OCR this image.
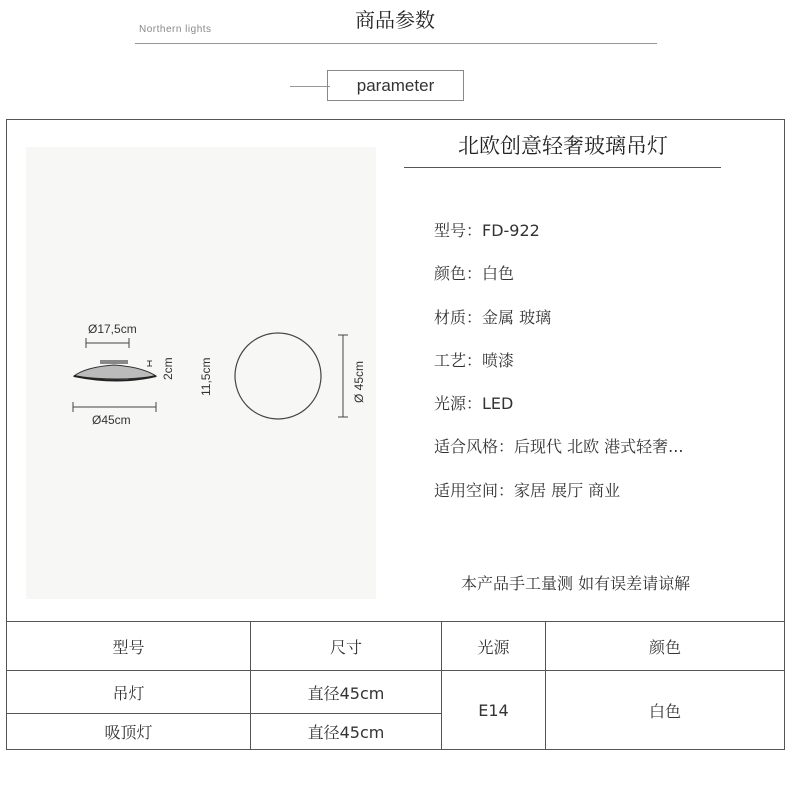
商品参数
Northern lights
parameter
Ø17,5cm
2cm 11,5cm
Ø45cm
Ø 45cm
北欧创意轻奢玻璃吊灯
型号：FD-922
颜色：白色
材质：金属 玻璃
工艺：喷漆
光源：LED
适合风格：后现代 北欧 港式轻奢...
适用空间：家居 展厅 商业
本产品手工量测 如有误差请谅解
型号	尺寸	光源	颜色
吊灯	直径45cm	E14	白色
吸顶灯	直径45cm		
